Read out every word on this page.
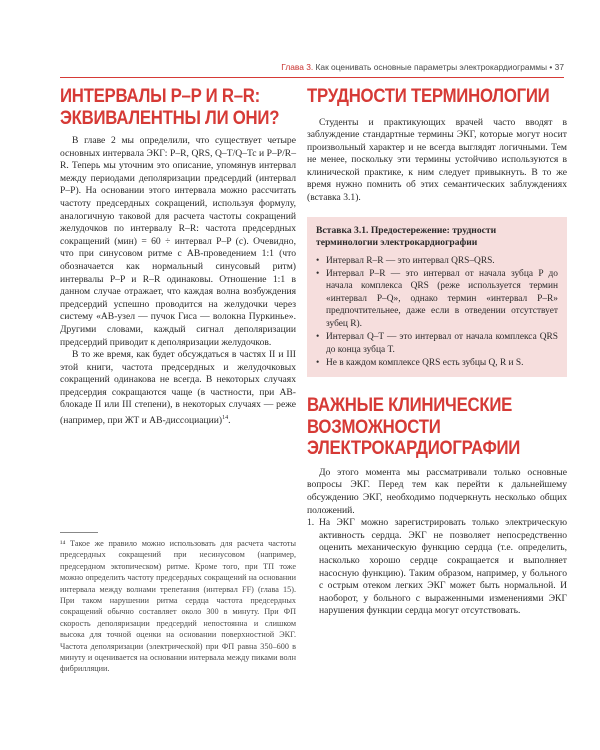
Глава 3. Как оценивать основные параметры электрокардиограммы • 37
ИНТЕРВАЛЫ P–P И R–R:
ЭКВИВАЛЕНТНЫ ЛИ ОНИ?

В главе 2 мы определили, что существует четыре основных интервала ЭКГ: P–R, QRS, Q–T/Q–Tc и P–P/R–R. Теперь мы уточним это описание, упомянув интервал между периодами деполяризации предсердий (интервал P–P). На основании этого интервала можно рассчитать частоту предсердных сокращений, используя формулу, аналогичную таковой для расчета частоты сокращений желудочков по интервалу R–R: частота предсердных сокращений (мин) = 60 ÷ интервал P–P (с). Очевидно, что при синусовом ритме с АВ-проведением 1:1 (что обозначается как нормальный синусовый ритм) интервалы P–P и R–R одинаковы. Отношение 1:1 в данном случае отражает, что каждая волна возбуждения предсердий успешно проводится на желудочки через систему «АВ-узел — пучок Гиса — волокна Пуркинье». Другими словами, каждый сигнал деполяризации предсердий приводит к деполяризации желудочков.

В то же время, как будет обсуждаться в частях II и III этой книги, частота предсердных и желудочковых сокращений одинакова не всегда. В некоторых случаях предсердия сокращаются чаще (в частности, при АВ-блокаде II или III степени), в некоторых случаях — реже (например, при ЖТ и АВ-диссоциации)$^{14}$.

¹⁴ Такое же правило можно использовать для расчета частоты предсердных сокращений при несинусовом (например, предсердном эктопическом) ритме. Кроме того, при ТП тоже можно определить частоту предсердных сокращений на основании интервала между волнами трепетания (интервал FF) (глава 15). При таком нарушении ритма сердца частота предсердных сокращений обычно составляет около 300 в минуту. При ФП скорость деполяризации предсердий непостоянна и слишком высока для точной оценки на основании поверхностной ЭКГ. Частота деполяризации (электрической) при ФП равна 350–600 в минуту и оценивается на основании интервала между пиками волн фибрилляции.
ТРУДНОСТИ ТЕРМИНОЛОГИИ

Студенты и практикующих врачей часто вводят в заблуждение стандартные термины ЭКГ, которые могут носит произвольный характер и не всегда выглядят логичными. Тем не менее, поскольку эти термины устойчиво используются в клинической практике, к ним следует привыкнуть. В то же время нужно помнить об этих семантических заблуждениях (вставка 3.1).

Вставка 3.1. Предостережение: трудности терминологии электрокардиографии
• Интервал R–R — это интервал QRS–QRS.
• Интервал P–R — это интервал от начала зубца P до начала комплекса QRS (реже используется термин «интервал P–Q», однако термин «интервал P–R» предпочтительнее, даже если в отведении отсутствует зубец R).
• Интервал Q–T — это интервал от начала комплекса QRS до конца зубца T.
• Не в каждом комплексе QRS есть зубцы Q, R и S.
ВАЖНЫЕ КЛИНИЧЕСКИЕ
ВОЗМОЖНОСТИ
ЭЛЕКТРОКАРДИОГРАФИИ

До этого момента мы рассматривали только основные вопросы ЭКГ. Перед тем как перейти к дальнейшему обсуждению ЭКГ, необходимо подчеркнуть несколько общих положений.

1. На ЭКГ можно зарегистрировать только электрическую активность сердца. ЭКГ не позволяет непосредственно оценить механическую функцию сердца (т.е. определить, насколько хорошо сердце сокращается и выполняет насосную функцию). Таким образом, например, у больного с острым отеком легких ЭКГ может быть нормальной. И наоборот, у больного с выраженными изменениями ЭКГ нарушения функции сердца могут отсутствовать.
